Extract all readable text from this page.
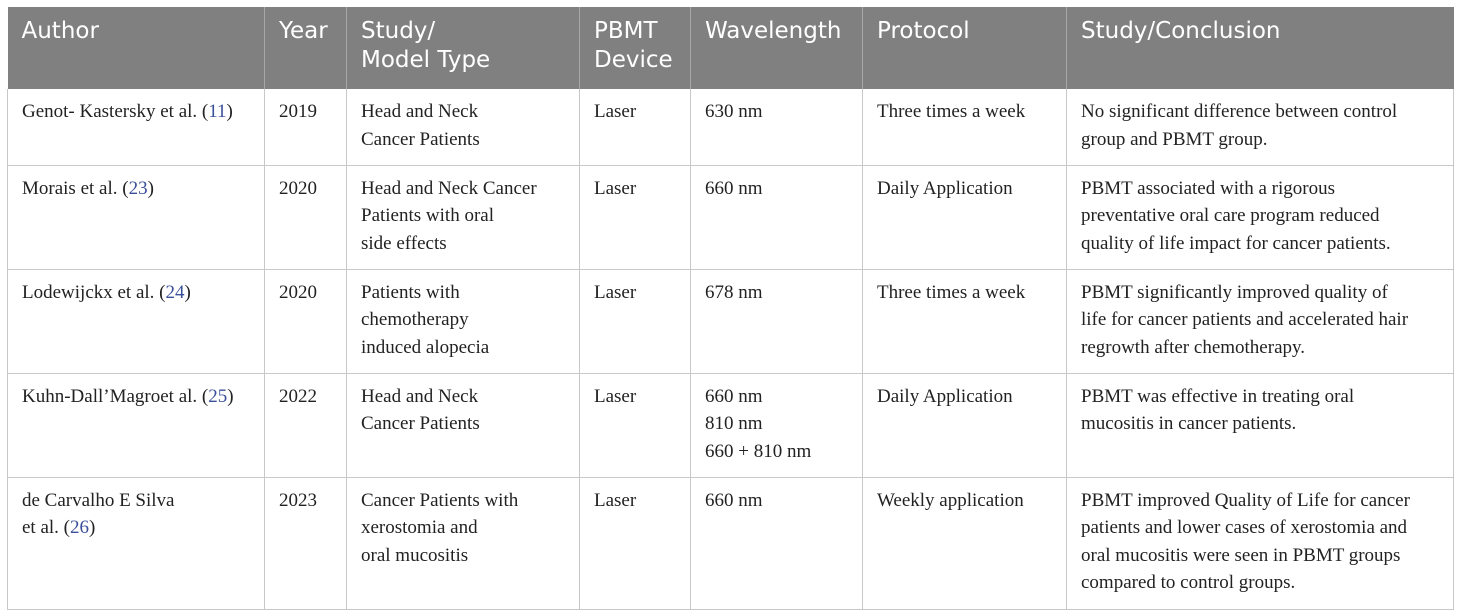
Author	Year	Study/
Model Type	PBMT
Device	Wavelength	Protocol	Study/Conclusion

Genot- Kastersky et al. (11)	2019	Head and Neck
Cancer Patients	Laser	630 nm	Three times a week	No significant difference between control
group and PBMT group.

Morais et al. (23)	2020	Head and Neck Cancer
Patients with oral
side effects	Laser	660 nm	Daily Application	PBMT associated with a rigorous
preventative oral care program reduced
quality of life impact for cancer patients.

Lodewijckx et al. (24)	2020	Patients with
chemotherapy
induced alopecia	Laser	678 nm	Three times a week	PBMT significantly improved quality of
life for cancer patients and accelerated hair
regrowth after chemotherapy.

Kuhn-Dall’Magroet al. (25)	2022	Head and Neck
Cancer Patients	Laser	660 nm
810 nm
660 + 810 nm	Daily Application	PBMT was effective in treating oral
mucositis in cancer patients.

de Carvalho E Silva
et al. (26)	2023	Cancer Patients with
xerostomia and
oral mucositis	Laser	660 nm	Weekly application	PBMT improved Quality of Life for cancer
patients and lower cases of xerostomia and
oral mucositis were seen in PBMT groups
compared to control groups.
